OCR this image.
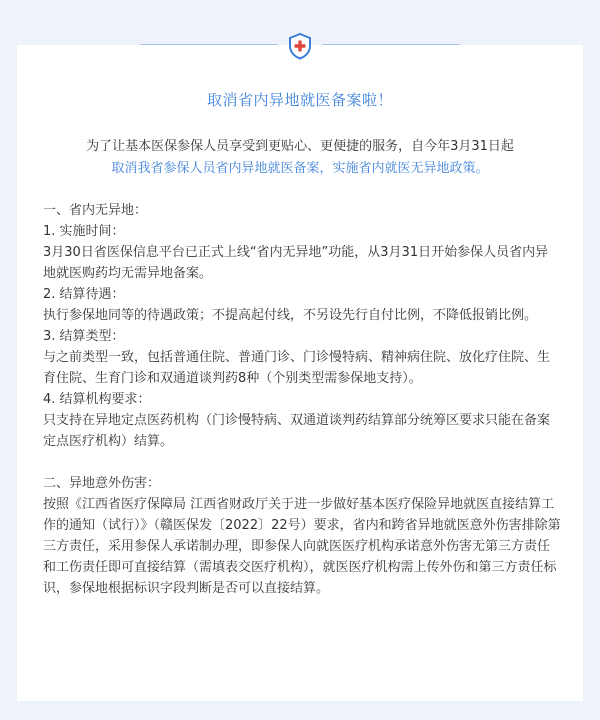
取消省内异地就医备案啦！
为了让基本医保参保人员享受到更贴心、更便捷的服务，自今年3月31日起
取消我省参保人员省内异地就医备案，实施省内就医无异地政策。

一、省内无异地：

1. 实施时间：

3月30日省医保信息平台已正式上线“省内无异地”功能，从3月31日开始参保人员省内异地就医购药均无需异地备案。

2. 结算待遇：

执行参保地同等的待遇政策；不提高起付线，不另设先行自付比例，不降低报销比例。

3. 结算类型：

与之前类型一致，包括普通住院、普通门诊、门诊慢特病、精神病住院、放化疗住院、生育住院、生育门诊和双通道谈判药8种（个别类型需参保地支持）。

4. 结算机构要求：

只支持在异地定点医药机构（门诊慢特病、双通道谈判药结算部分统筹区要求只能在备案定点医疗机构）结算。

二、异地意外伤害：

按照《江西省医疗保障局 江西省财政厅关于进一步做好基本医疗保险异地就医直接结算工作的通知（试行）》（赣医保发〔2022〕22号）要求，省内和跨省异地就医意外伤害排除第三方责任，采用参保人承诺制办理，即参保人向就医医疗机构承诺意外伤害无第三方责任和工伤责任即可直接结算（需填表交医疗机构），就医医疗机构需上传外伤和第三方责任标识，参保地根据标识字段判断是否可以直接结算。
